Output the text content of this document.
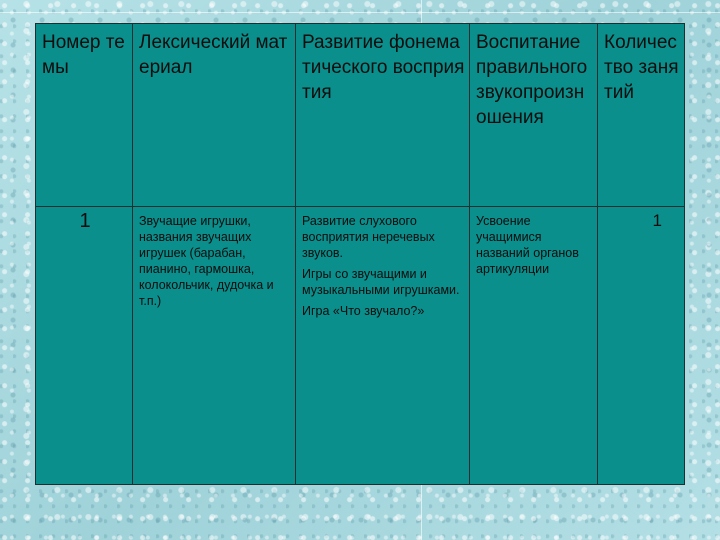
Номер темы	Лексический материал	Развитие фонематического восприятия	Воспитание правильного звукопроизношения	Количество занятий
1	Звучащие игрушки, названия звучащих игрушек (барабан, пианино, гармошка, колокольчик, дудочка и т.п.)	Развитие слухового восприятия неречевых звуков.

Игры со звучащими и музыкальными игрушками.

Игра «Что звучало?»	Усвоение учащимися названий органов артикуляции	1
